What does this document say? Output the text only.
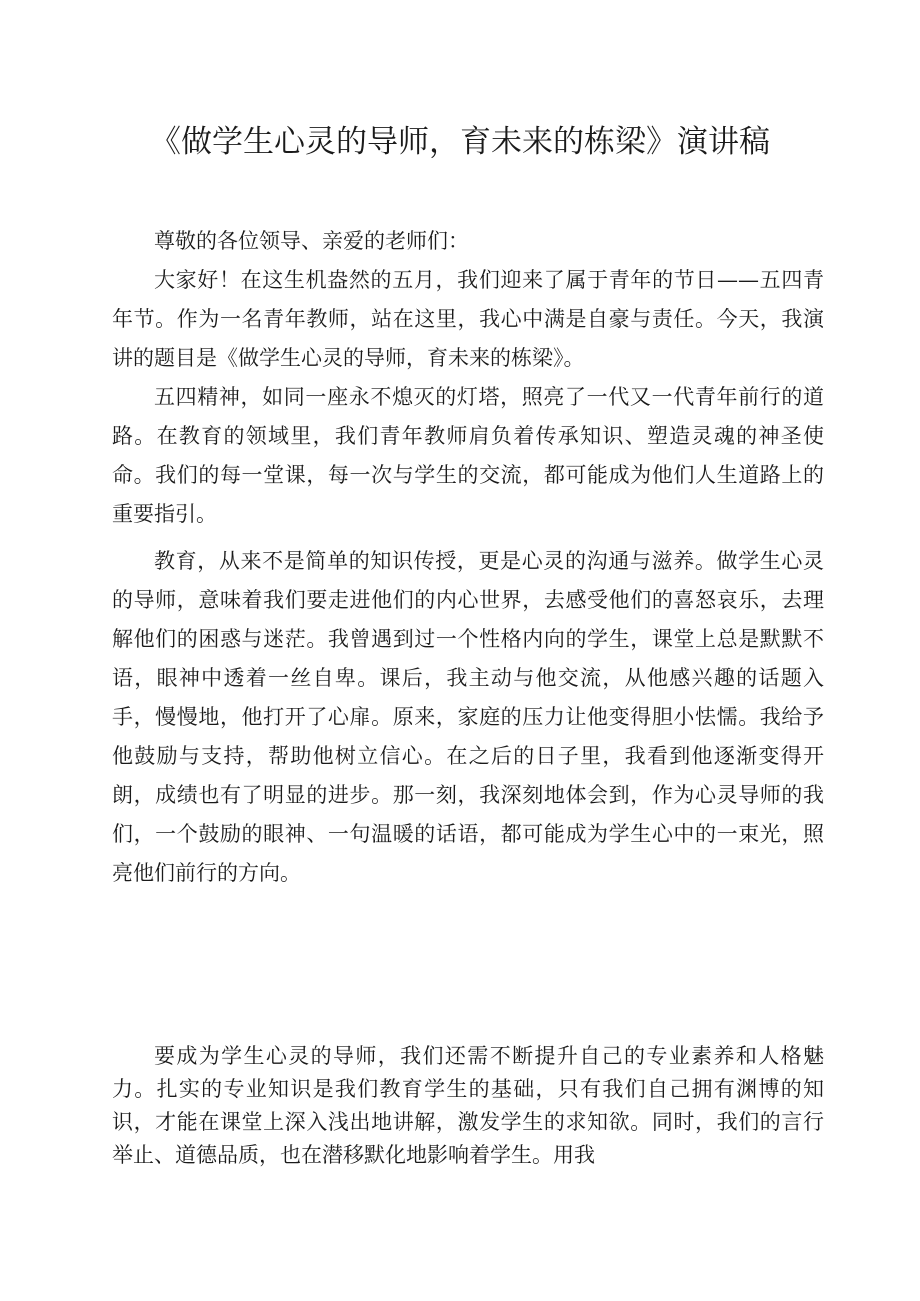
《做学生心灵的导师，育未来的栋梁》演讲稿

尊敬的各位领导、亲爱的老师们：

大家好！在这生机盎然的五月，我们迎来了属于青年的节日——五四青年节。作为一名青年教师，站在这里，我心中满是自豪与责任。今天，我演讲的题目是《做学生心灵的导师，育未来的栋梁》。

五四精神，如同一座永不熄灭的灯塔，照亮了一代又一代青年前行的道路。在教育的领域里，我们青年教师肩负着传承知识、塑造灵魂的神圣使命。我们的每一堂课，每一次与学生的交流，都可能成为他们人生道路上的重要指引。

教育，从来不是简单的知识传授，更是心灵的沟通与滋养。做学生心灵的导师，意味着我们要走进他们的内心世界，去感受他们的喜怒哀乐，去理解他们的困惑与迷茫。我曾遇到过一个性格内向的学生，课堂上总是默默不语，眼神中透着一丝自卑。课后，我主动与他交流，从他感兴趣的话题入手，慢慢地，他打开了心扉。原来，家庭的压力让他变得胆小怯懦。我给予他鼓励与支持，帮助他树立信心。在之后的日子里，我看到他逐渐变得开朗，成绩也有了明显的进步。那一刻，我深刻地体会到，作为心灵导师的我们，一个鼓励的眼神、一句温暖的话语，都可能成为学生心中的一束光，照亮他们前行的方向。

要成为学生心灵的导师，我们还需不断提升自己的专业素养和人格魅力。扎实的专业知识是我们教育学生的基础，只有我们自己拥有渊博的知识，才能在课堂上深入浅出地讲解，激发学生的求知欲。同时，我们的言行举止、道德品质，也在潜移默化地影响着学生。用我
